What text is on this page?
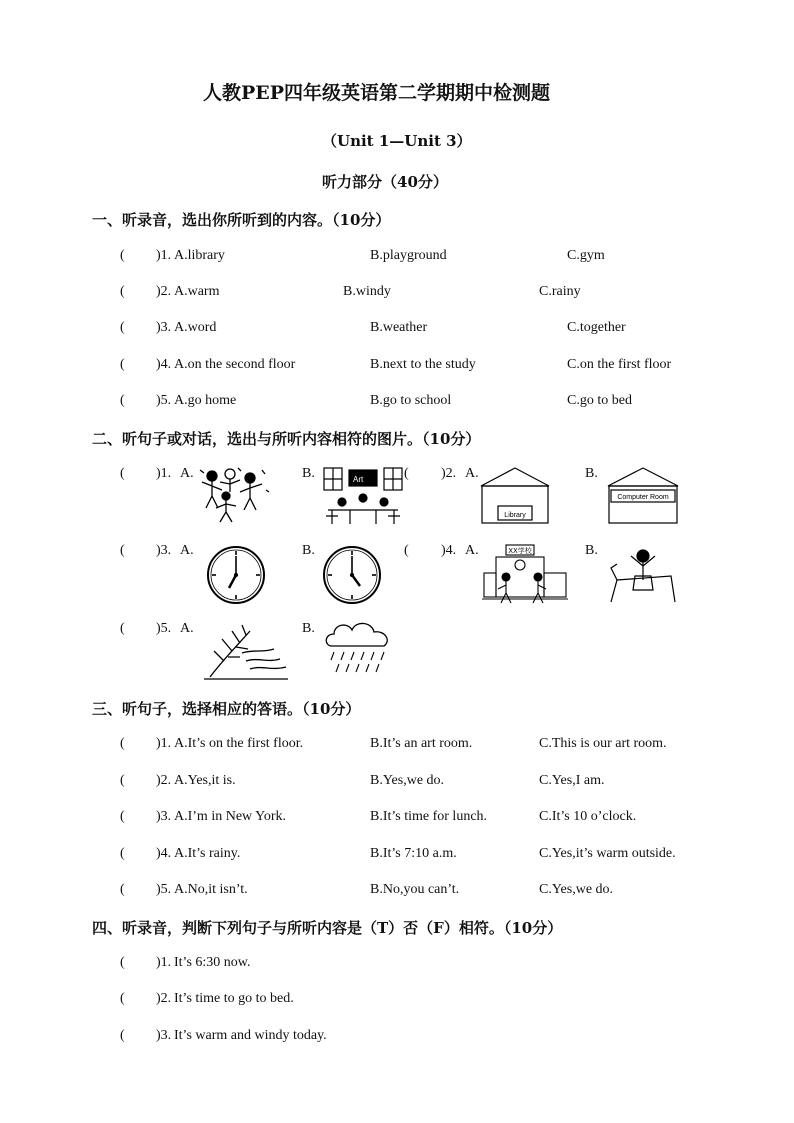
人教PEP四年级英语第二学期期中检测题
（Unit 1—Unit 3）
听力部分（40分）
一、听录音，选出你所听到的内容。（10分）
( )1. A.library	B.playground	C.gym
( )2. A.warm	B.windy	C.rainy
( )3. A.word	B.weather	C.together
( )4. A.on the second floor	B.next to the study	C.on the first floor
( )5. A.go home	B.go to school	C.go to bed
二、听句子或对话，选出与所听内容相符的图片。（10分）
( )1. A.	B.	Art	( )2. A.
Library
B.
Computer Room
( )3. A.	B.	( )4. A.	XX学校	B.
( )5. A.	B.
三、听句子，选择相应的答语。（10分）
( )1. A.It’s on the first floor.	B.It’s an art room.	C.This is our art room.
( )2. A.Yes,it is.	B.Yes,we do.	C.Yes,I am.
( )3. A.I’m in New York.	B.It’s time for lunch.	C.It’s 10 o’clock.
( )4. A.It’s rainy.	B.It’s 7:10 a.m.	C.Yes,it’s warm outside.
( )5. A.No,it isn’t.	B.No,you can’t.	C.Yes,we do.
四、听录音，判断下列句子与所听内容是（T）否（F）相符。（10分）
( )1. It’s 6:30 now.
( )2. It’s time to go to bed.
( )3. It’s warm and windy today.
